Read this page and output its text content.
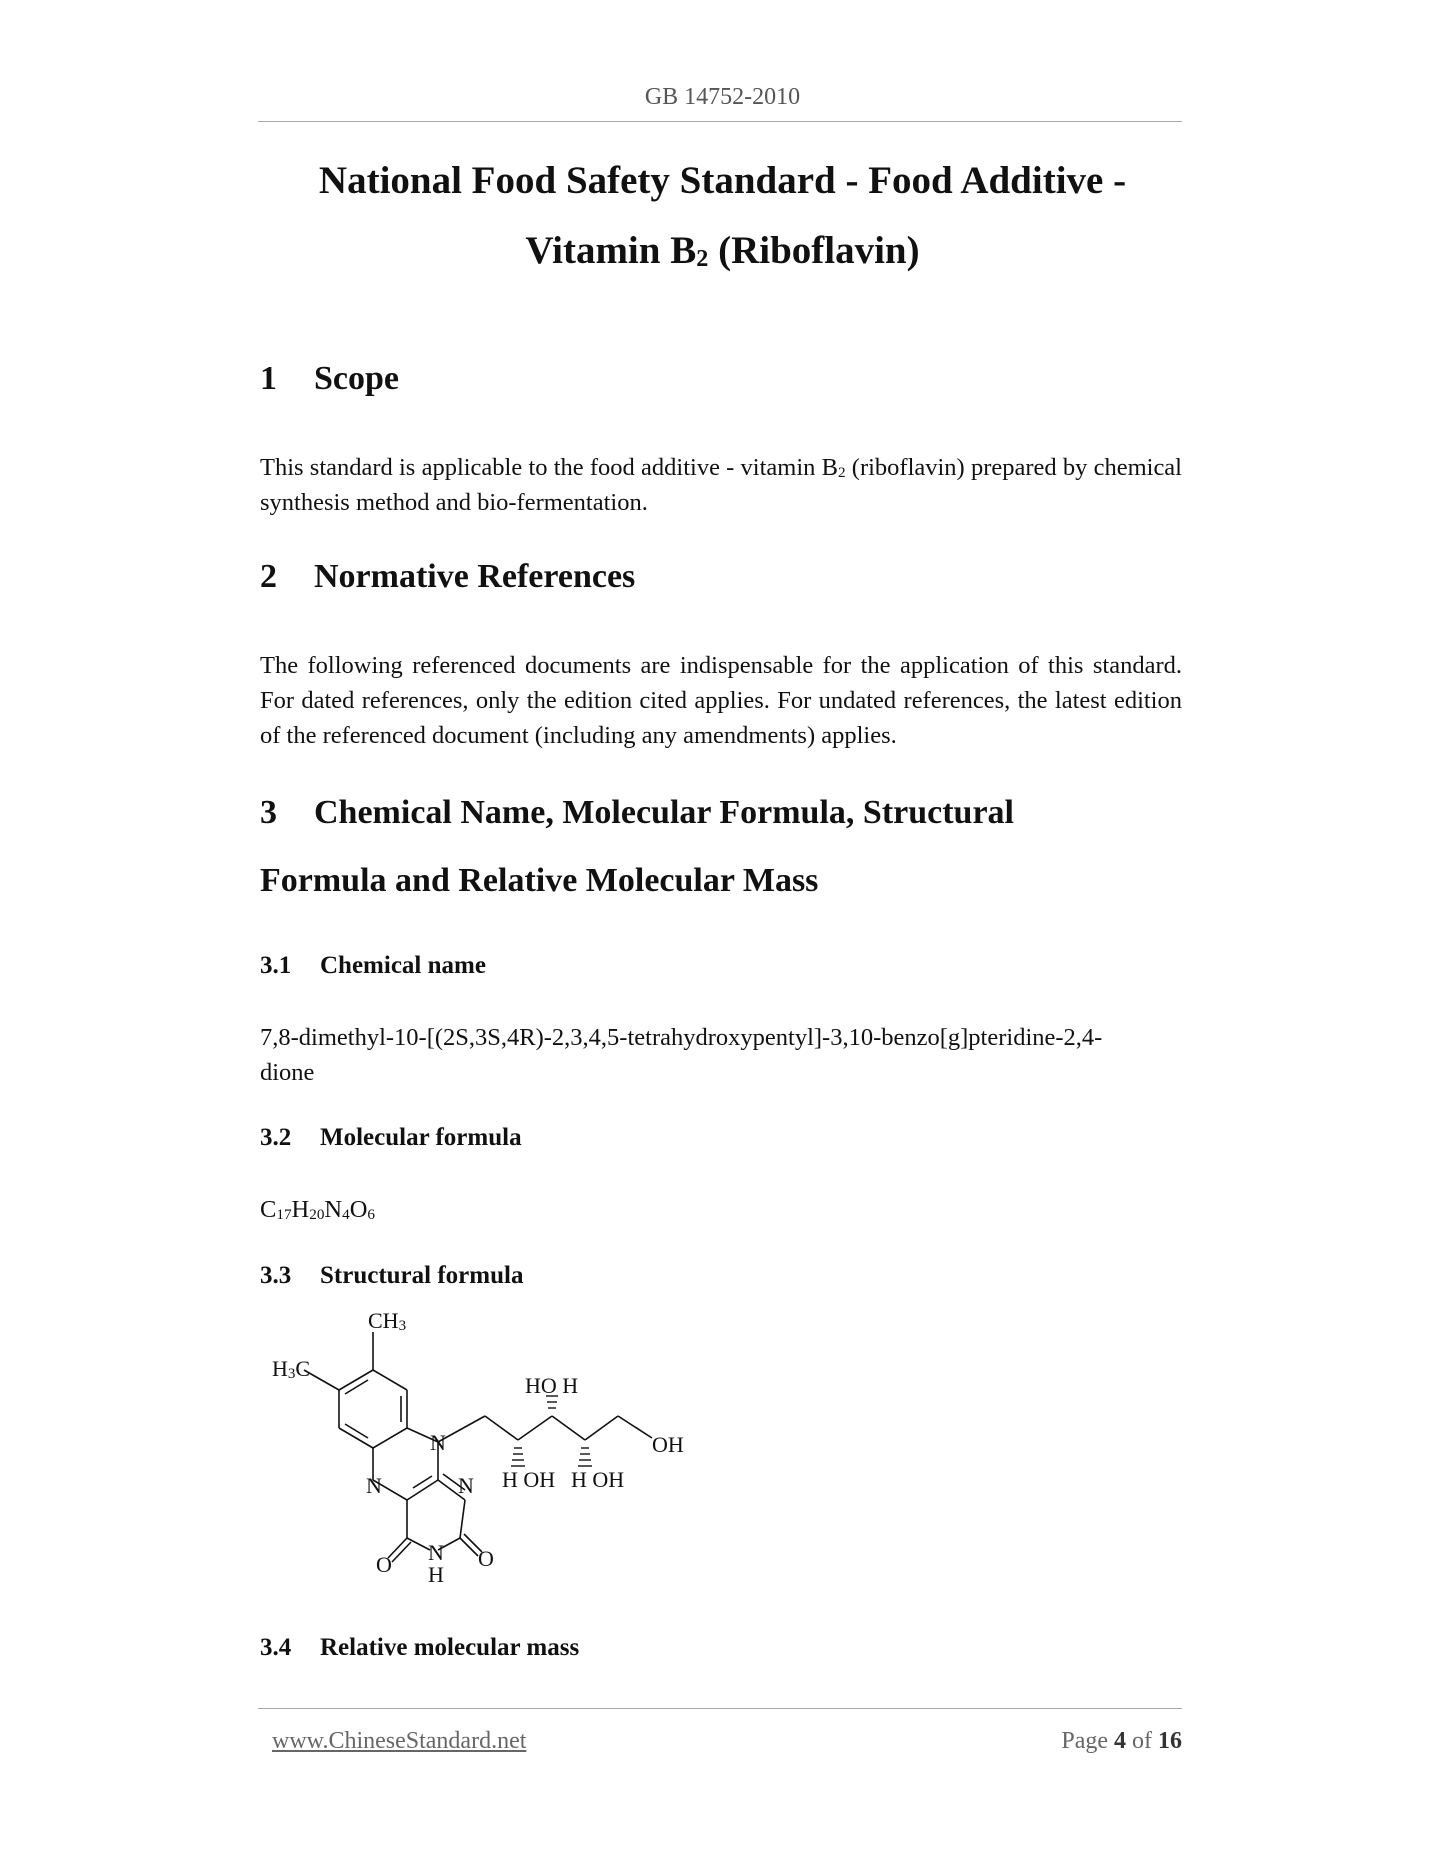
GB 14752-2010
National Food Safety Standard - Food Additive -
Vitamin $B_2$ (Riboflavin)
1 Scope
This standard is applicable to the food additive - vitamin $B_2$ (riboflavin) prepared by chemical synthesis method and bio-fermentation.
2 Normative References
The following referenced documents are indispensable for the application of this standard. For dated references, only the edition cited applies. For undated references, the latest edition of the referenced document (including any amendments) applies.
3 Chemical Name, Molecular Formula, Structural
Formula and Relative Molecular Mass
3.1 Chemical name
7,8-dimethyl-10-[(2S,3S,4R)-2,3,4,5-tetrahydroxypentyl]-3,10-benzo[g]pteridine-2,4-
dione
3.2 Molecular formula
$C_{17}H_{20}N_4O_6$
3.3 Structural formula
CH3
H3C
N
N	N
HO H
OH
H OH H OH
O	O
N
H
3.4 Relative molecular mass
www.ChineseStandard.net	Page 4 of 16
